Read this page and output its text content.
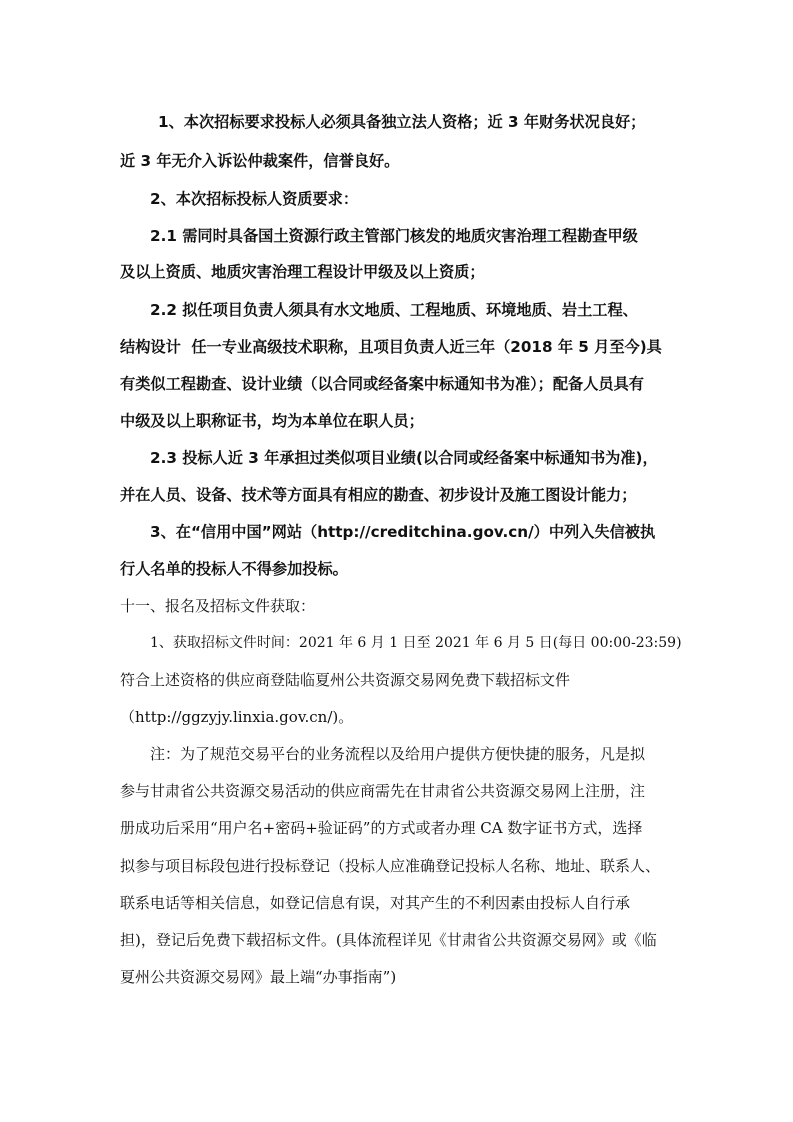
1、本次招标要求投标人必须具备独立法人资格；近 3 年财务状况良好；
近 3 年无介入诉讼仲裁案件，信誉良好。
2、本次招标投标人资质要求：
2.1 需同时具备国土资源行政主管部门核发的地质灾害治理工程勘查甲级
及以上资质、地质灾害治理工程设计甲级及以上资质；
2.2 拟任项目负责人须具有水文地质、工程地质、环境地质、岩土工程、
结构设计  任一专业高级技术职称，且项目负责人近三年（2018 年 5 月至今)具
有类似工程勘查、设计业绩（以合同或经备案中标通知书为准）；配备人员具有
中级及以上职称证书，均为本单位在职人员；
2.3 投标人近 3 年承担过类似项目业绩(以合同或经备案中标通知书为准)，
并在人员、设备、技术等方面具有相应的勘查、初步设计及施工图设计能力；
3、在“信用中国”网站（http://creditchina.gov.cn/）中列入失信被执
行人名单的投标人不得参加投标。
十一、报名及招标文件获取：
1、获取招标文件时间：2021 年 6 月 1 日至 2021 年 6 月 5 日(每日 00:00-23:59)
符合上述资格的供应商登陆临夏州公共资源交易网免费下载招标文件
（http://ggzyjy.linxia.gov.cn/)。
注：为了规范交易平台的业务流程以及给用户提供方便快捷的服务，凡是拟
参与甘肃省公共资源交易活动的供应商需先在甘肃省公共资源交易网上注册，注
册成功后采用“用户名+密码+验证码”的方式或者办理 CA 数字证书方式，选择
拟参与项目标段包进行投标登记（投标人应准确登记投标人名称、地址、联系人、
联系电话等相关信息，如登记信息有误，对其产生的不利因素由投标人自行承
担)，登记后免费下载招标文件。(具体流程详见《甘肃省公共资源交易网》或《临
夏州公共资源交易网》最上端“办事指南”)
